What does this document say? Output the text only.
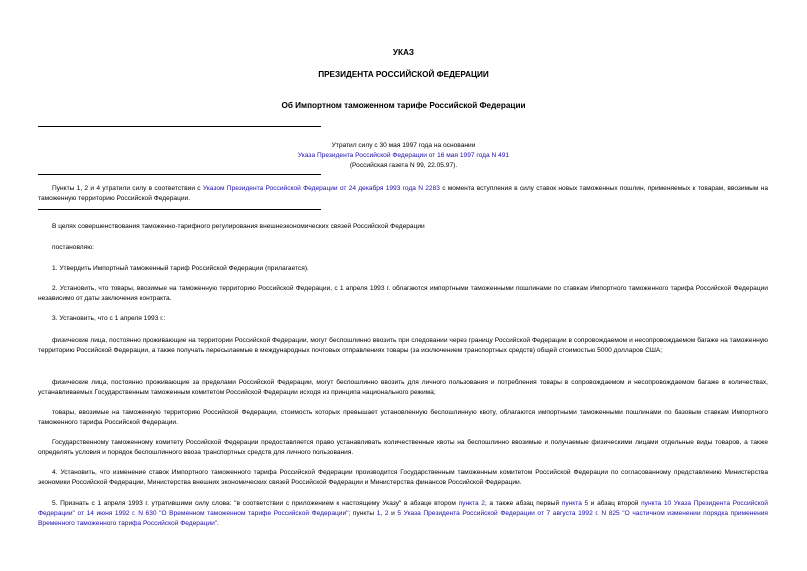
УКАЗ
ПРЕЗИДЕНТА РОССИЙСКОЙ ФЕДЕРАЦИИ
Об Импортном таможенном тарифе Российской Федерации
Утратил силу с 30 мая 1997 года на основании
Указа Президента Российской Федерации от 16 мая 1997 года N 491
(Российская газета N 99, 22.05.97).
Пункты 1, 2 и 4 утратили силу в соответствии с Указом Президента Российской Федерации от 24 декабря 1993 года N 2283 с момента вступления в силу ставок новых таможенных пошлин, применяемых к товарам, ввозимым на таможенную территорию Российской Федерации.
В целях совершенствования таможенно-тарифного регулирования внешнеэкономических связей Российской Федерации
постановляю:
1. Утвердить Импортный таможенный тариф Российской Федерации (прилагается).
2. Установить, что товары, ввозимые на таможенную территорию Российской Федерации, с 1 апреля 1993 г. облагаются импортными таможенными пошлинами по ставкам Импортного таможенного тарифа Российской Федерации независимо от даты заключения контракта.
3. Установить, что с 1 апреля 1993 г.:
физические лица, постоянно проживающие на территории Российской Федерации, могут беспошлинно ввозить при следовании через границу Российской Федерации в сопровождаемом и несопровождаемом багаже на таможенную территорию Российской Федерации, а также получать пересылаемые в международных почтовых отправлениях товары (за исключением транспортных средств) общей стоимостью 5000 долларов США;
физические лица, постоянно проживающие за пределами Российской Федерации, могут беспошлинно ввозить для личного пользования и потребления товары в сопровождаемом и несопровождаемом багаже в количествах, устанавливаемых Государственным таможенным комитетом Российской Федерации исходя из принципа национального режима;
товары, ввозимые на таможенную территорию Российской Федерации, стоимость которых превышает установленную беспошлинную квоту, облагаются импортными таможенными пошлинами по базовым ставкам Импортного таможенного тарифа Российской Федерации.
Государственному таможенному комитету Российской Федерации предоставляется право устанавливать количественные квоты на беспошлинно ввозимые и получаемые физическими лицами отдельные виды товаров, а также определять условия и порядок беспошлинного ввоза транспортных средств для личного пользования.
4. Установить, что изменение ставок Импортного таможенного тарифа Российской Федерации производится Государственным таможенным комитетом Российской Федерации по согласованному представлению Министерства экономики Российской Федерации, Министерства внешних экономических связей Российской Федерации и Министерства финансов Российской Федерации.
5. Признать с 1 апреля 1993 г. утратившими силу слова: "в соответствии с приложением к настоящему Указу" в абзаце втором пункта 2, а также абзац первый пункта 5 и абзац второй пункта 10 Указа Президента Российской Федерации" от 14 июня 1992 г. N 630 "О Временном таможенном тарифе Российской Федерации"; пункты 1, 2 и 5 Указа Президента Российской Федерации от 7 августа 1992 г. N 825 "О частичном изменении порядка применения Временного таможенного тарифа Российской Федерации".
